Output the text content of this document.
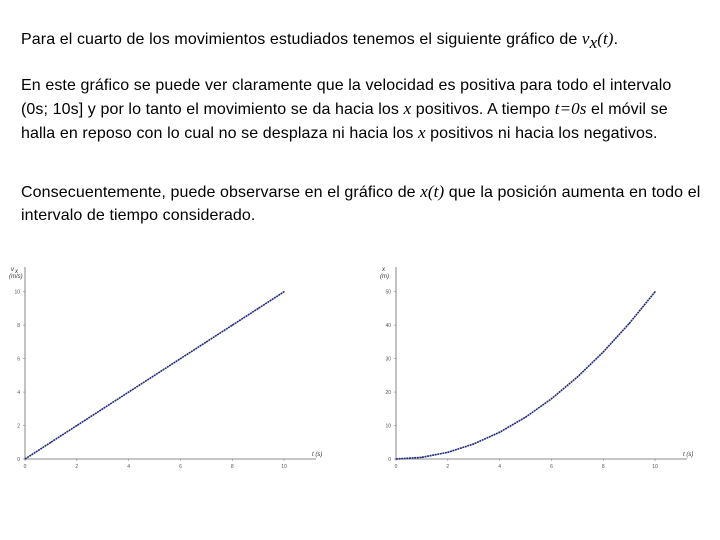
Para el cuarto de los movimientos estudiados tenemos el siguiente gráfico de $v_x(t)$.
En este gráfico se puede ver claramente que la velocidad es positiva para todo el intervalo (0s; 10s] y por lo tanto el movimiento se da hacia los x positivos. A tiempo t=0s el móvil se halla en reposo con lo cual no se desplaza ni hacia los x positivos ni hacia los negativos.
Consecuentemente, puede observarse en el gráfico de x(t) que la posición aumenta en todo el intervalo de tiempo considerado.
0	2	4	6	8	10
0
2
4
6
8
10
v x
(m/s)
t (s)
0	2	4	6	8	10
0
10
20
30
40
50
x
(m)
t (s)
